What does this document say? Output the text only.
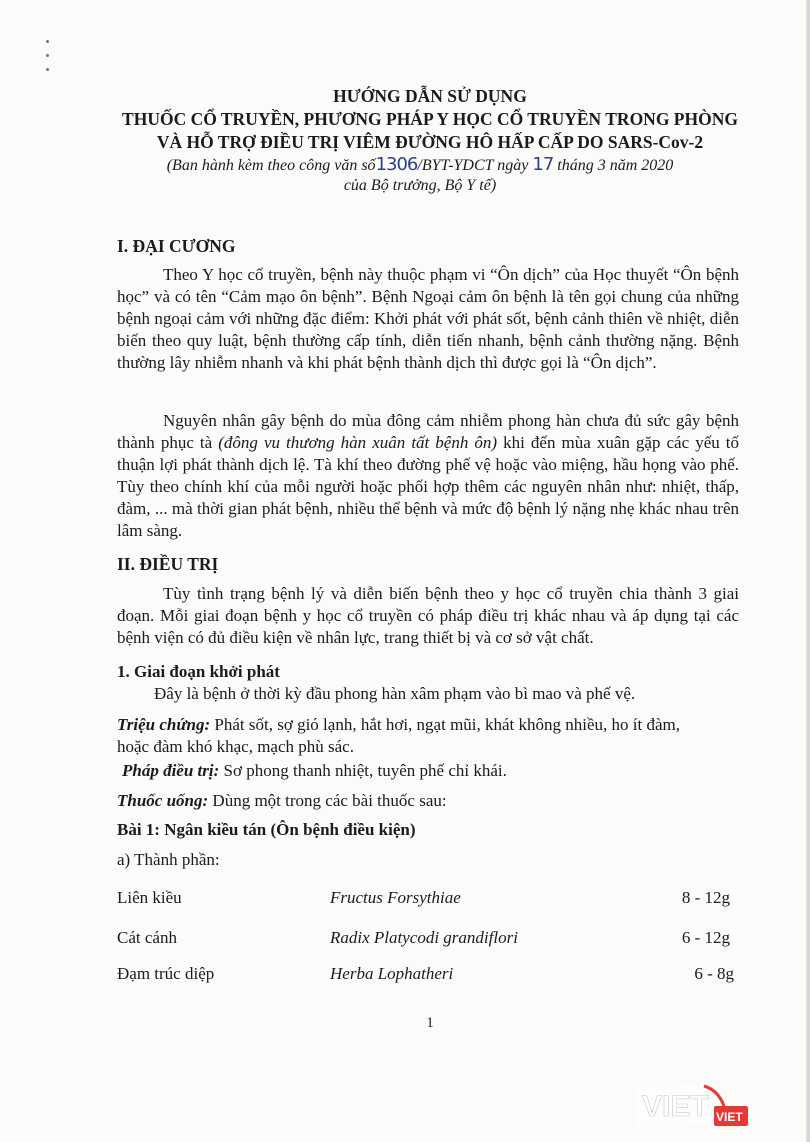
HƯỚNG DẪN SỬ DỤNG
THUỐC CỔ TRUYỀN, PHƯƠNG PHÁP Y HỌC CỔ TRUYỀN TRONG PHÒNG
VÀ HỖ TRỢ ĐIỀU TRỊ VIÊM ĐƯỜNG HÔ HẤP CẤP DO SARS-Cov-2
(Ban hành kèm theo công văn số1306/BYT-YDCT ngày 17 tháng 3 năm 2020
của Bộ trưởng, Bộ Y tế)
I. ĐẠI CƯƠNG
Theo Y học cổ truyền, bệnh này thuộc phạm vi “Ôn dịch” của Học thuyết “Ôn bệnh học” và có tên “Cảm mạo ôn bệnh”. Bệnh Ngoại cảm ôn bệnh là tên gọi chung của những bệnh ngoại cảm với những đặc điểm: Khởi phát với phát sốt, bệnh cảnh thiên về nhiệt, diễn biến theo quy luật, bệnh thường cấp tính, diễn tiến nhanh, bệnh cảnh thường nặng. Bệnh thường lây nhiễm nhanh và khi phát bệnh thành dịch thì được gọi là “Ôn dịch”.
Nguyên nhân gây bệnh do mùa đông cảm nhiễm phong hàn chưa đủ sức gây bệnh thành phục tà (đông vu thương hàn xuân tất bệnh ôn) khi đến mùa xuân gặp các yếu tố thuận lợi phát thành dịch lệ. Tà khí theo đường phế vệ hoặc vào miệng, hầu họng vào phế. Tùy theo chính khí của mỗi người hoặc phối hợp thêm các nguyên nhân như: nhiệt, thấp, đàm, ... mà thời gian phát bệnh, nhiều thể bệnh và mức độ bệnh lý nặng nhẹ khác nhau trên lâm sàng.
II. ĐIỀU TRỊ
Tùy tình trạng bệnh lý và diễn biến bệnh theo y học cổ truyền chia thành 3 giai đoạn. Mỗi giai đoạn bệnh y học cổ truyền có pháp điều trị khác nhau và áp dụng tại các bệnh viện có đủ điều kiện về nhân lực, trang thiết bị và cơ sở vật chất.
1. Giai đoạn khởi phát
Đây là bệnh ở thời kỳ đầu phong hàn xâm phạm vào bì mao và phế vệ.
Triệu chứng: Phát sốt, sợ gió lạnh, hắt hơi, ngạt mũi, khát không nhiều, ho ít đàm,
hoặc đàm khó khạc, mạch phù sác.
Pháp điều trị: Sơ phong thanh nhiệt, tuyên phế chỉ khái.
Thuốc uống: Dùng một trong các bài thuốc sau:
Bài 1: Ngân kiều tán (Ôn bệnh điều kiện)
a) Thành phần:
Liên kiều	Fructus Forsythiae	8 - 12g
Cát cánh	Radix Platycodi grandiflori	6 - 12g
Đạm trúc diệp	Herba Lophatheri	6 - 8g
1
VIET VIET
